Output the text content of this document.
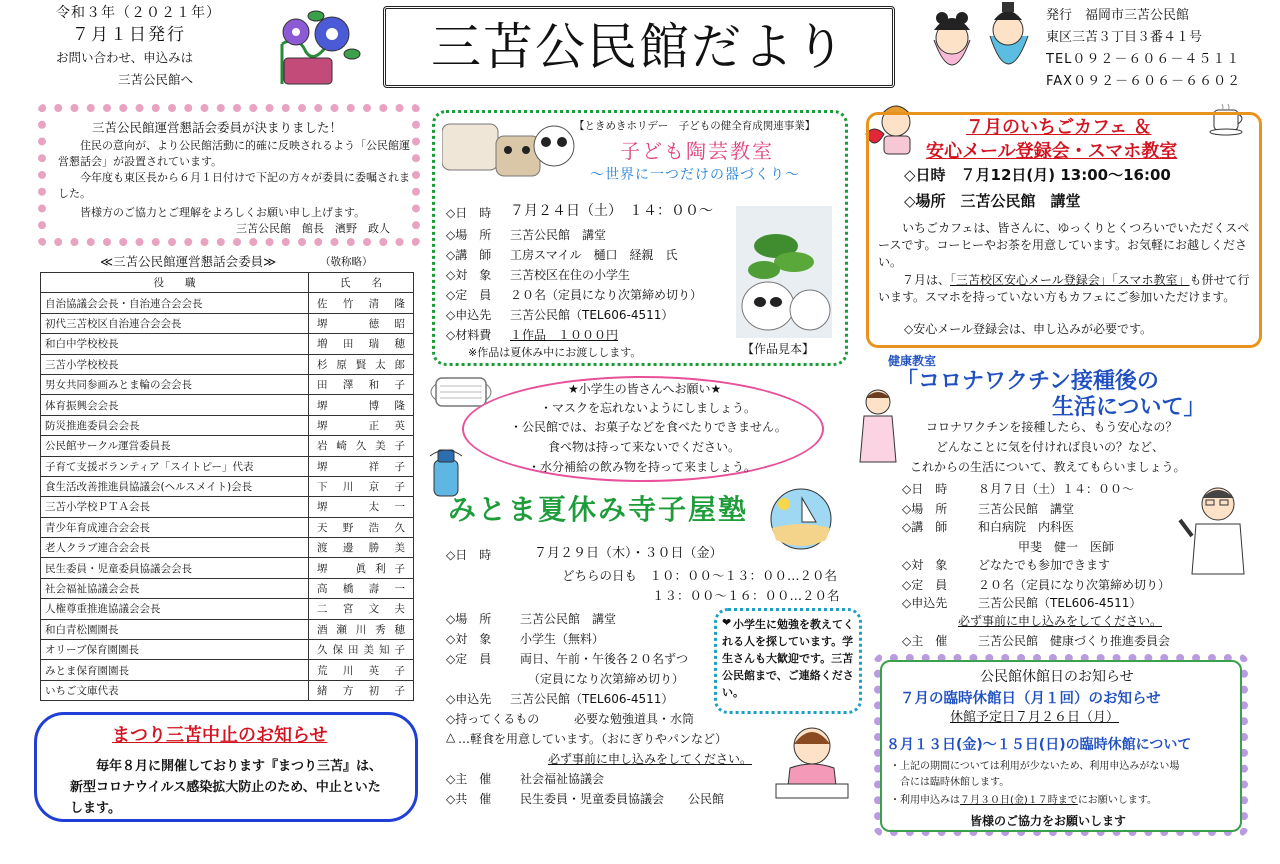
令和３年（２０２１年）
７月１日発行
お問い合わせ、申込みは
三苫公民館へ
三苫公民館だより
発行　福岡市三苫公民館
東区三苫３丁目３番４１号
TEL０９２－６０６－４５１１
FAX０９２－６０６－６６０２
三苫公民館運営懇話会委員が決まりました！
住民の意向が、より公民館活動に的確に反映されるよう「公民館運営懇話会」が設置されています。
今年度も東区長から６月１日付けで下記の方々が委員に委嘱されました。
皆様方のご協力とご理解をよろしくお願い申し上げます。
三苫公民館　館長　濱野　政人
≪三苫公民館運営懇話会委員≫	（敬称略）
役　　職	氏　　名
自治協議会会長・自治連合会会長	佐竹清隆
初代三苫校区自治連合会会長	堺　徳昭
和白中学校校長	増田瑞穂
三苫小学校校長	杉原賢太郎
男女共同参画みとま輪の会会長	田澤和子
体育振興会会長	堺　博隆
防災推進委員会会長	堺　正英
公民館サークル運営委員長	岩崎久美子
子育て支援ボランティア「スイトピー」代表	堺　祥子
食生活改善推進員協議会(ヘルスメイト)会長	下川京子
三苫小学校ＰＴＡ会長	堺　太一
青少年育成連合会会長	天野浩久
老人クラブ連合会会長	渡邊勝美
民生委員・児童委員協議会会長	堺　眞利子
社会福祉協議会会長	高橋壽一
人権尊重推進協議会会長	二宮文夫
和白青松園園長	酒瀬川秀穂
オリーブ保育園園長	久保田美知子
みとま保育園園長	荒川英子
いちご文庫代表	緒方初子
まつり三苫中止のお知らせ
毎年８月に開催しております『まつり三苫』は、新型コロナウイルス感染拡大防止のため、中止といたします。
【ときめきホリデー　子どもの健全育成関連事業】
子ども陶芸教室
～世界に一つだけの器づくり～
◇日　時 ７月２４日（土）　１４：００～
◇場　所 三苫公民館　講堂
◇講　師 工房スマイル　樋口　経親　氏
◇対　象 三苫校区在住の小学生
◇定　員 ２０名（定員になり次第締め切り）
◇申込先 三苫公民館（TEL606-4511）
◇材料費 １作品　１０００円
※作品は夏休み中にお渡しします。	【作品見本】
★小学生の皆さんへお願い★
・マスクを忘れないようにしましょう。
・公民館では、お菓子などを食べたりできません。
食べ物は持って来ないでください。
・水分補給の飲み物を持って来ましょう。
みとま夏休み寺子屋塾
◇日　時	７月２９日（木）・３０日（金）
どちらの日も　１０：００～１３：００…２０名
１３：００～１６：００…２０名
◇場　所 三苫公民館　講堂
◇対　象 小学生（無料）
◇定　員 両日、午前・午後各２０名ずつ
（定員になり次第締め切り）
◇申込先 三苫公民館（TEL606-4511）
◇持ってくるもの	必要な勉強道具・水筒
△ …軽食を用意しています。（おにぎりやパンなど）
必ず事前に申し込みをしてください。
◇主　催 社会福祉協議会
◇共　催 民生委員・児童委員協議会　　公民館
❤ 小学生に勉強を教えてくれる人を探しています。学生さんも大歓迎です。三苫公民館まで、ご連絡ください。
７月のいちごカフェ ＆
安心メール登録会・スマホ教室
◇日時　７月12日(月) 13:00～16:00
◇場所　三苫公民館　講堂
いちごカフェは、皆さんに、ゆっくりとくつろいでいただくスペースです。コーヒーやお茶を用意しています。お気軽にお越しください。
７月は、「三苫校区安心メール登録会」「スマホ教室」も併せて行います。スマホを持っていない方もカフェにご参加いただけます。
◇安心メール登録会は、申し込みが必要です。
健康教室
「コロナワクチン接種後の
生活について」
コロナワクチンを接種したら、もう安心なの？
どんなことに気を付ければ良いの？など、
これからの生活について、教えてもらいましょう。
◇日　時	８月７日（土）１４：００～
◇場　所	三苫公民館　講堂
◇講　師	和白病院　内科医
甲斐　健一　医師
◇対　象	どなたでも参加できます
◇定　員	２０名（定員になり次第締め切り）
◇申込先	三苫公民館（TEL606-4511）
必ず事前に申し込みをしてください。
◇主　催	三苫公民館　健康づくり推進委員会
公民館休館日のお知らせ
７月の臨時休館日（月１回）のお知らせ
休館予定日７月２６日（月）
８月１３日(金)～１５日(日)の臨時休館について
・上記の期間については利用が少ないため、利用申込みがない場
合には臨時休館します。
・利用申込みは７月３０日(金)１７時までにお願いします。
皆様のご協力をお願いします
